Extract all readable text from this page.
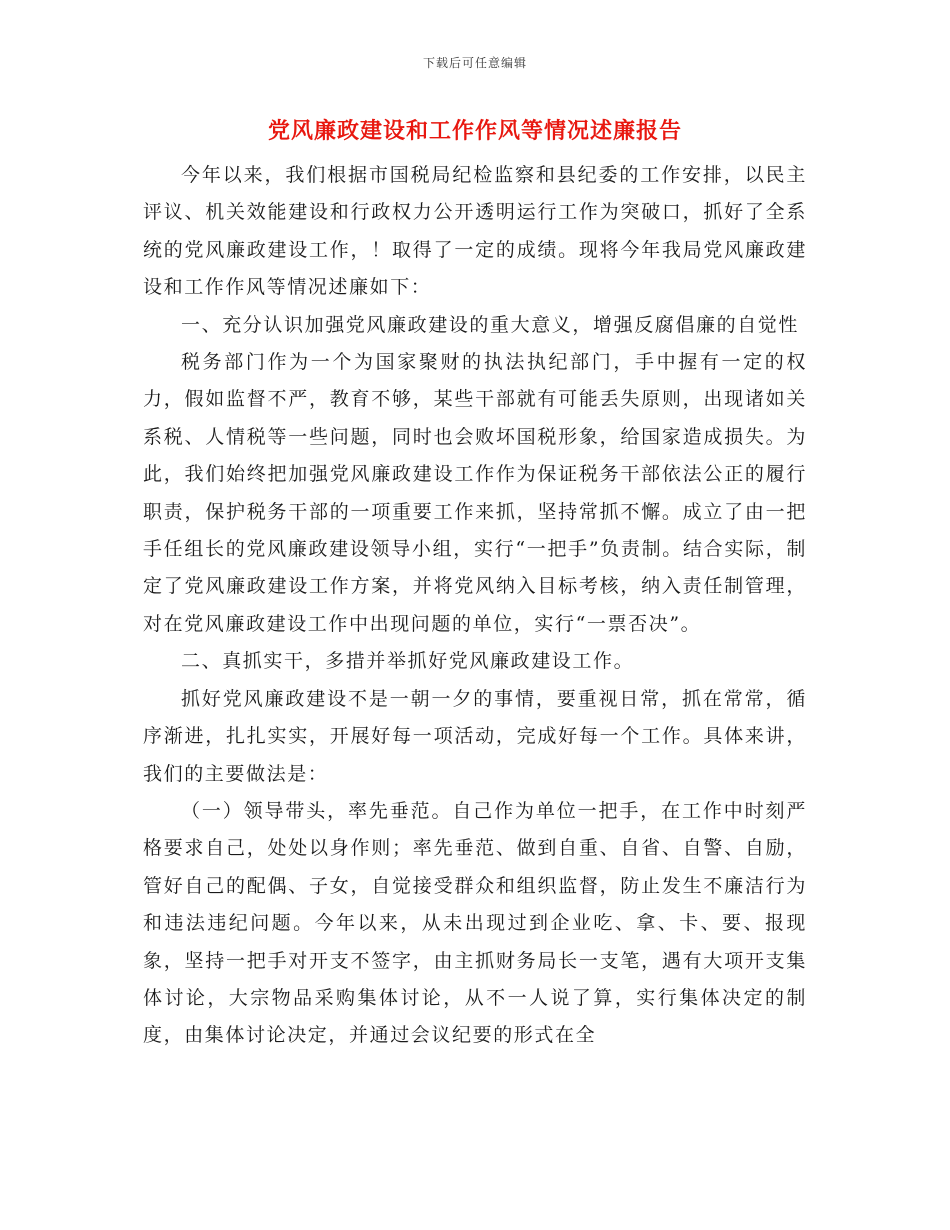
下载后可任意编辑
党风廉政建设和工作作风等情况述廉报告

今年以来，我们根据市国税局纪检监察和县纪委的工作安排，以民主评议、机关效能建设和行政权力公开透明运行工作为突破口，抓好了全系统的党风廉政建设工作，！取得了一定的成绩。现将今年我局党风廉政建设和工作作风等情况述廉如下：

一、充分认识加强党风廉政建设的重大意义，增强反腐倡廉的自觉性

税务部门作为一个为国家聚财的执法执纪部门，手中握有一定的权力，假如监督不严，教育不够，某些干部就有可能丢失原则，出现诸如关系税、人情税等一些问题，同时也会败坏国税形象，给国家造成损失。为此，我们始终把加强党风廉政建设工作作为保证税务干部依法公正的履行职责，保护税务干部的一项重要工作来抓，坚持常抓不懈。成立了由一把手任组长的党风廉政建设领导小组，实行“一把手”负责制。结合实际，制定了党风廉政建设工作方案，并将党风纳入目标考核，纳入责任制管理，对在党风廉政建设工作中出现问题的单位，实行“一票否决”。

二、真抓实干，多措并举抓好党风廉政建设工作。

抓好党风廉政建设不是一朝一夕的事情，要重视日常，抓在常常，循序渐进，扎扎实实，开展好每一项活动，完成好每一个工作。具体来讲，我们的主要做法是：

（一）领导带头，率先垂范。自己作为单位一把手，在工作中时刻严格要求自己，处处以身作则；率先垂范、做到自重、自省、自警、自励，管好自己的配偶、子女，自觉接受群众和组织监督，防止发生不廉洁行为和违法违纪问题。今年以来，从未出现过到企业吃、拿、卡、要、报现象，坚持一把手对开支不签字，由主抓财务局长一支笔，遇有大项开支集体讨论，大宗物品采购集体讨论，从不一人说了算，实行集体决定的制度，由集体讨论决定，并通过会议纪要的形式在全
